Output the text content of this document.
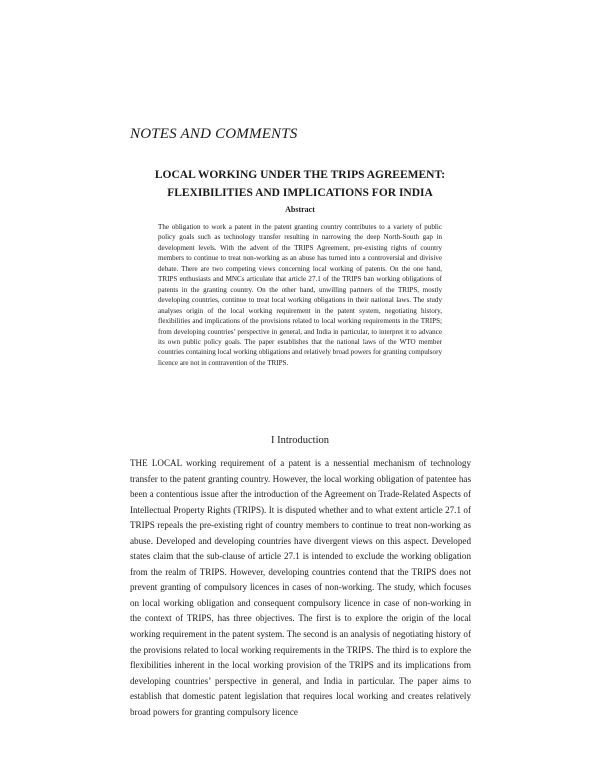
NOTES AND COMMENTS
LOCAL WORKING UNDER THE TRIPS AGREEMENT:
FLEXIBILITIES AND IMPLICATIONS FOR INDIA
Abstract

The obligation to work a patent in the patent granting country contributes to a variety of public policy goals such as technology transfer resulting in narrowing the deep North-South gap in development levels. With the advent of the TRIPS Agreement, pre-existing rights of country members to continue to treat non-working as an abuse has turned into a controversial and divisive debate. There are two competing views concerning local working of patents. On the one hand, TRIPS enthusiasts and MNCs articulate that article 27.1 of the TRIPS ban working obligations of patents in the granting country. On the other hand, unwilling partners of the TRIPS, mostly developing countries, continue to treat local working obligations in their national laws. The study analyses origin of the local working requirement in the patent system, negotiating history, flexibilities and implications of the provisions related to local working requirements in the TRIPS; from developing countries’ perspective in general, and India in particular, to interpret it to advance its own public policy goals. The paper establishes that the national laws of the WTO member countries containing local working obligations and relatively broad powers for granting compulsory licence are not in contravention of the TRIPS.

I Introduction

THE LOCAL working requirement of a patent is a nessential mechanism of technology transfer to the patent granting country. However, the local working obligation of patentee has been a contentious issue after the introduction of the Agreement on Trade-Related Aspects of Intellectual Property Rights (TRIPS). It is disputed whether and to what extent article 27.1 of TRIPS repeals the pre-existing right of country members to continue to treat non-working as abuse. Developed and developing countries have divergent views on this aspect. Developed states claim that the sub-clause of article 27.1 is intended to exclude the working obligation from the realm of TRIPS. However, developing countries contend that the TRIPS does not prevent granting of compulsory licences in cases of non-working. The study, which focuses on local working obligation and consequent compulsory licence in case of non-working in the context of TRIPS, has three objectives. The first is to explore the origin of the local working requirement in the patent system. The second is an analysis of negotiating history of the provisions related to local working requirements in the TRIPS. The third is to explore the flexibilities inherent in the local working provision of the TRIPS and its implications from developing countries’ perspective in general, and India in particular. The paper aims to establish that domestic patent legislation that requires local working and creates relatively broad powers for granting compulsory licence
